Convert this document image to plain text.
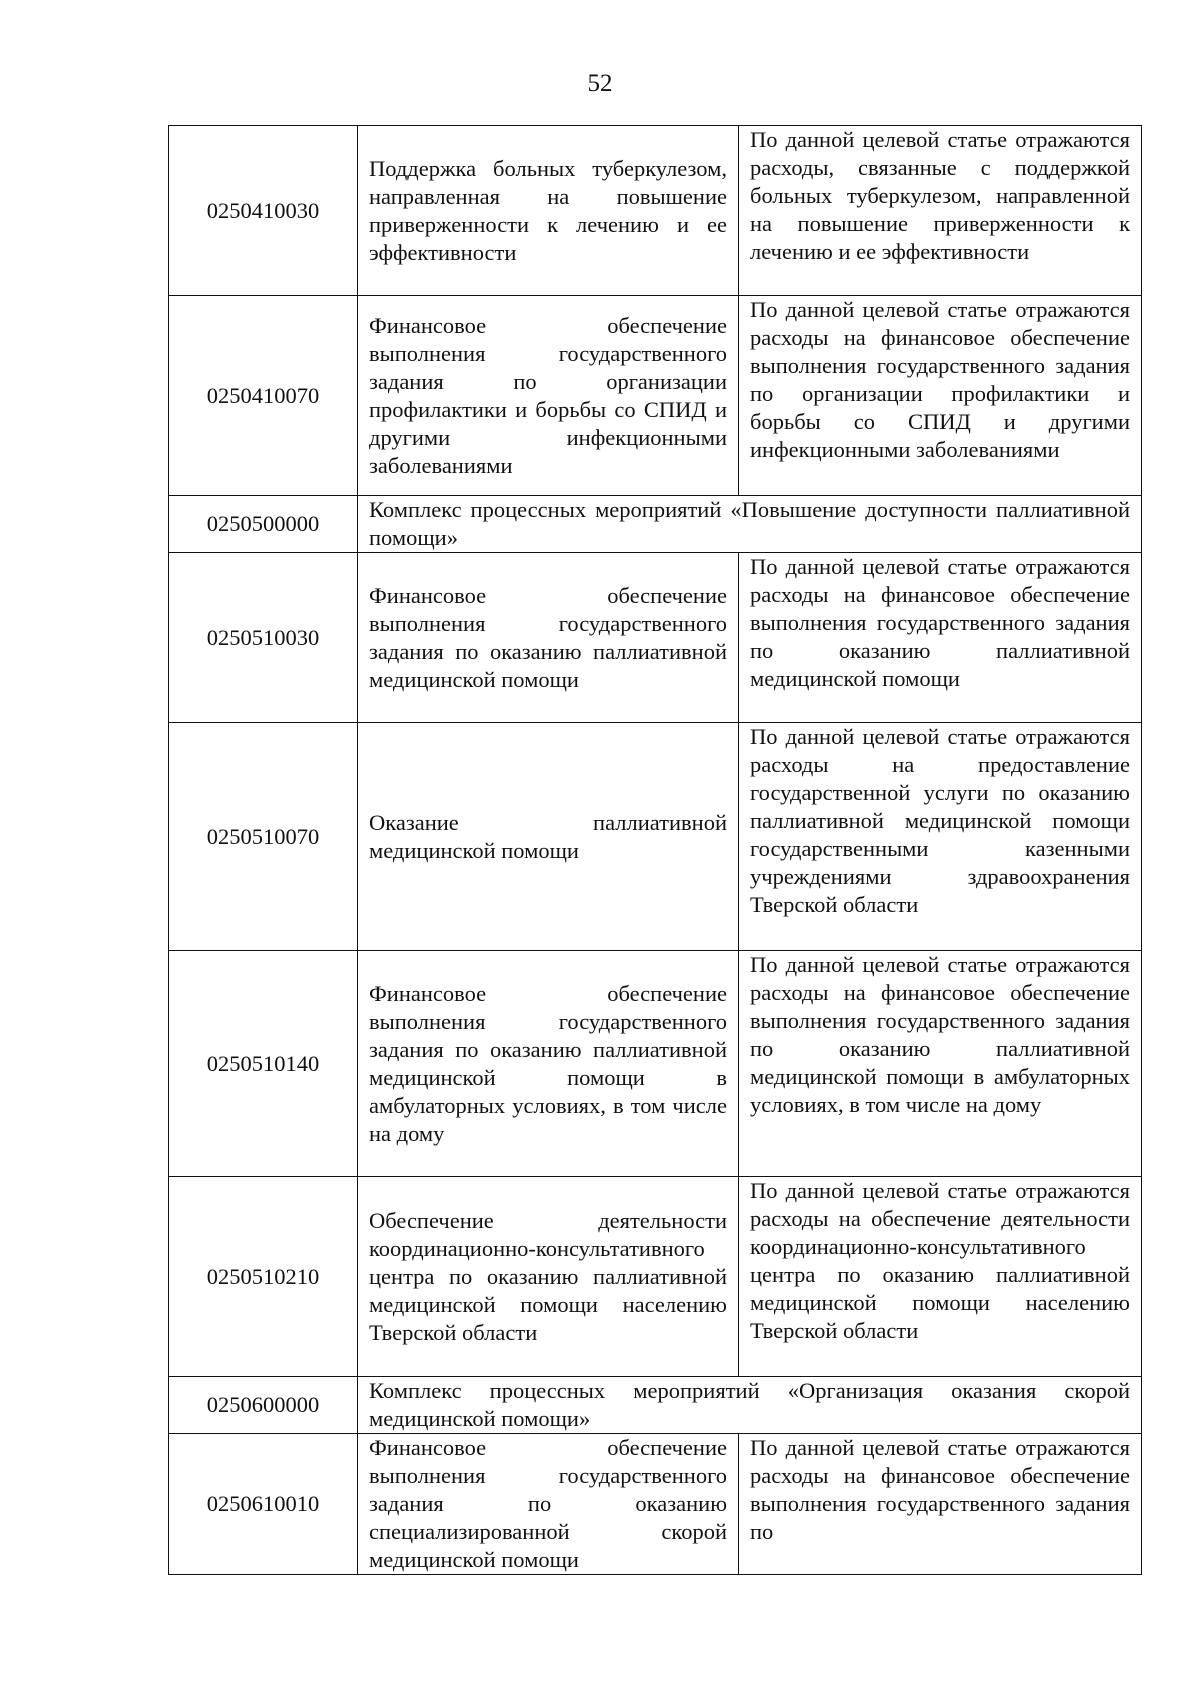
52
0250410030	Поддержка больных туберкулезом, направленная на повышение приверженности к лечению и ее эффективности	По данной целевой статье отражаются расходы, связанные с поддержкой больных туберкулезом, направленной на повышение приверженности к лечению и ее эффективности
0250410070	Финансовое обеспечение выполнения государственного задания по организации профилактики и борьбы со СПИД и другими инфекционными заболеваниями	По данной целевой статье отражаются расходы на финансовое обеспечение выполнения государственного задания по организации профилактики и борьбы со СПИД и другими инфекционными заболеваниями
0250500000	Комплекс процессных мероприятий «Повышение доступности паллиативной помощи»	
0250510030	Финансовое обеспечение выполнения государственного задания по оказанию паллиативной медицинской помощи	По данной целевой статье отражаются расходы на финансовое обеспечение выполнения государственного задания по оказанию паллиативной медицинской помощи
0250510070	Оказание паллиативной медицинской помощи	По данной целевой статье отражаются расходы на предоставление государственной услуги по оказанию паллиативной медицинской помощи государственными казенными учреждениями здравоохранения Тверской области
0250510140	Финансовое обеспечение выполнения государственного задания по оказанию паллиативной медицинской помощи в амбулаторных условиях, в том числе на дому	По данной целевой статье отражаются расходы на финансовое обеспечение выполнения государственного задания по оказанию паллиативной медицинской помощи в амбулаторных условиях, в том числе на дому
0250510210	Обеспечение деятельности координационно-консультативного центра по оказанию паллиативной медицинской помощи населению Тверской области	По данной целевой статье отражаются расходы на обеспечение деятельности координационно-консультативного центра по оказанию паллиативной медицинской помощи населению Тверской области
0250600000	Комплекс процессных мероприятий «Организация оказания скорой медицинской помощи»	
0250610010	Финансовое обеспечение выполнения государственного задания по оказанию специализированной скорой медицинской помощи	По данной целевой статье отражаются расходы на финансовое обеспечение выполнения государственного задания по
